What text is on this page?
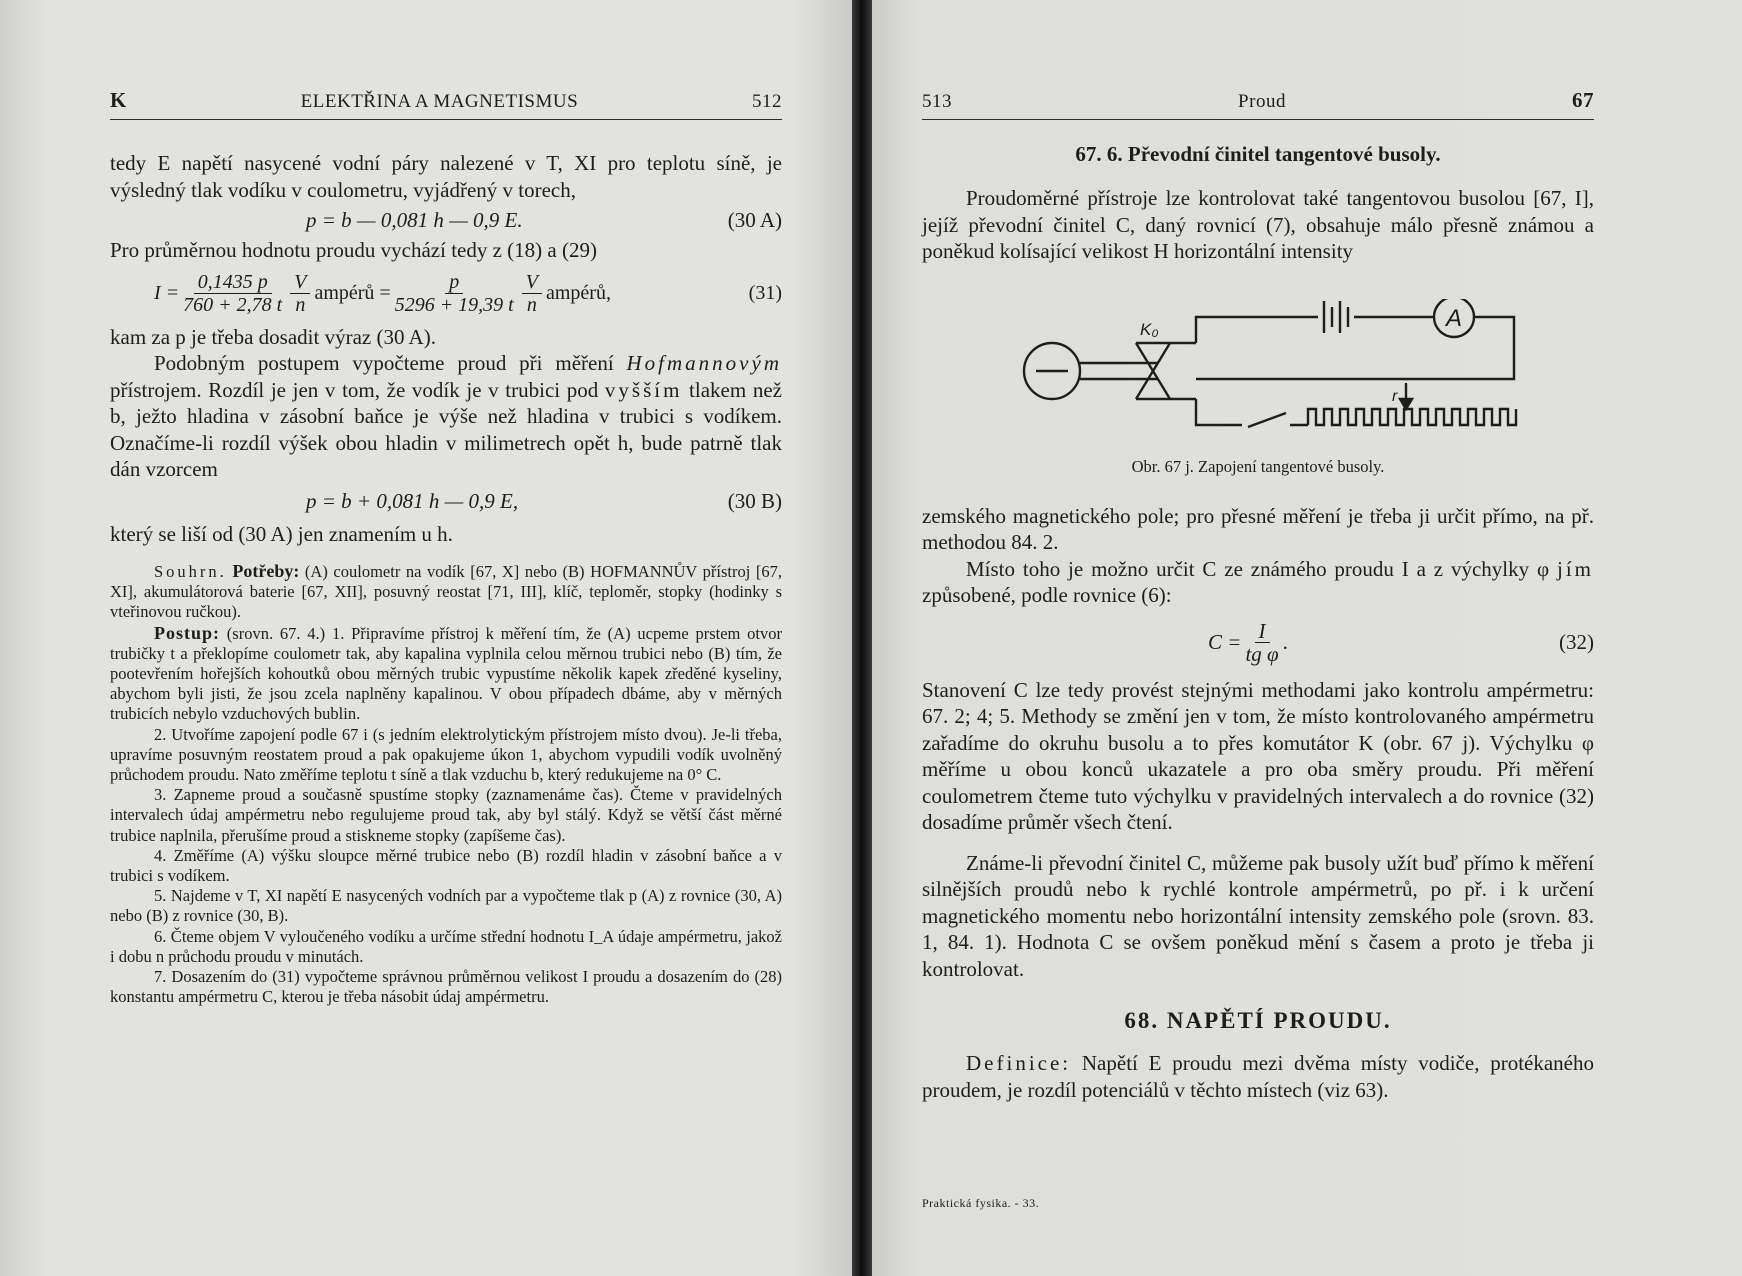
K	ELEKTŘINA A MAGNETISMUS	512

tedy E napětí nasycené vodní páry nalezené v T, XI pro teplotu síně, je výsledný tlak vodíku v coulometru, vyjádřený v torech,

p = b — 0,081 h — 0,9 E.	(30 A)

Pro průměrnou hodnotu proudu vychází tedy z (18) a (29)

$I = \frac{0,1435 p}{760 + 2,78 t} \frac{V}{n}$ ampérů = $\frac{p}{5296 + 19,39 t} \frac{V}{n}$ ampérů,	(31)

kam za p je třeba dosadit výraz (30 A).

Podobným postupem vypočteme proud při měření Hofmannovým přístrojem. Rozdíl je jen v tom, že vodík je v trubici pod vyšším tlakem než b, ježto hladina v zásobní baňce je výše než hladina v trubici s vodíkem. Označíme-li rozdíl výšek obou hladin v milimetrech opět h, bude patrně tlak dán vzorcem

p = b + 0,081 h — 0,9 E,	(30 B)

který se liší od (30 A) jen znamením u h.

Souhrn. Potřeby: (A) coulometr na vodík [67, X] nebo (B) HOFMANNŮV přístroj [67, XI], akumulátorová baterie [67, XII], posuvný reostat [71, III], klíč, teploměr, stopky (hodinky s vteřinovou ručkou).

Postup: (srovn. 67. 4.) 1. Připravíme přístroj k měření tím, že (A) ucpeme prstem otvor trubičky t a překlopíme coulometr tak, aby kapalina vyplnila celou měrnou trubici nebo (B) tím, že pootevřením hořejších kohoutků obou měrných trubic vypustíme několik kapek zředěné kyseliny, abychom byli jisti, že jsou zcela naplněny kapalinou. V obou případech dbáme, aby v měrných trubicích nebylo vzduchových bublin.

2. Utvoříme zapojení podle 67 i (s jedním elektrolytickým přístrojem místo dvou). Je-li třeba, upravíme posuvným reostatem proud a pak opakujeme úkon 1, abychom vypudili vodík uvolněný průchodem proudu. Nato změříme teplotu t síně a tlak vzduchu b, který redukujeme na 0° C.

3. Zapneme proud a současně spustíme stopky (zaznamenáme čas). Čteme v pravidelných intervalech údaj ampérmetru nebo regulujeme proud tak, aby byl stálý. Když se větší část měrné trubice naplnila, přerušíme proud a stiskneme stopky (zapíšeme čas).

4. Změříme (A) výšku sloupce měrné trubice nebo (B) rozdíl hladin v zásobní baňce a v trubici s vodíkem.

5. Najdeme v T, XI napětí E nasycených vodních par a vypočteme tlak p (A) z rovnice (30, A) nebo (B) z rovnice (30, B).

6. Čteme objem V vyloučeného vodíku a určíme střední hodnotu I_A údaje ampérmetru, jakož i dobu n průchodu proudu v minutách.

7. Dosazením do (31) vypočteme správnou průměrnou velikost I proudu a dosazením do (28) konstantu ampérmetru C, kterou je třeba násobit údaj ampérmetru.

513	Proud	67
67. 6. Převodní činitel tangentové busoly.

Proudoměrné přístroje lze kontrolovat také tangentovou busolou [67, I], jejíž převodní činitel C, daný rovnicí (7), obsahuje málo přesně známou a poněkud kolísající velikost H horizontální intensity

A
K₀
r
Obr. 67 j. Zapojení tangentové busoly.

zemského magnetického pole; pro přesné měření je třeba ji určit přímo, na př. methodou 84. 2.

Místo toho je možno určit C ze známého proudu I a z výchylky φ jím způsobené, podle rovnice (6):

$C = \frac{I}{\text{tg φ}}$ .	(32)

Stanovení C lze tedy provést stejnými methodami jako kontrolu ampérmetru: 67. 2; 4; 5. Methody se změní jen v tom, že místo kontrolovaného ampérmetru zařadíme do okruhu busolu a to přes komutátor K (obr. 67 j). Výchylku φ měříme u obou konců ukazatele a pro oba směry proudu. Při měření coulometrem čteme tuto výchylku v pravidelných intervalech a do rovnice (32) dosadíme průměr všech čtení.

Známe-li převodní činitel C, můžeme pak busoly užít buď přímo k měření silnějších proudů nebo k rychlé kontrole ampérmetrů, po př. i k určení magnetického momentu nebo horizontální intensity zemského pole (srovn. 83. 1, 84. 1). Hodnota C se ovšem poněkud mění s časem a proto je třeba ji kontrolovat.

68. NAPĚTÍ PROUDU.

Definice: Napětí E proudu mezi dvěma místy vodiče, protékaného proudem, je rozdíl potenciálů v těchto místech (viz 63).

Praktická fysika. - 33.
